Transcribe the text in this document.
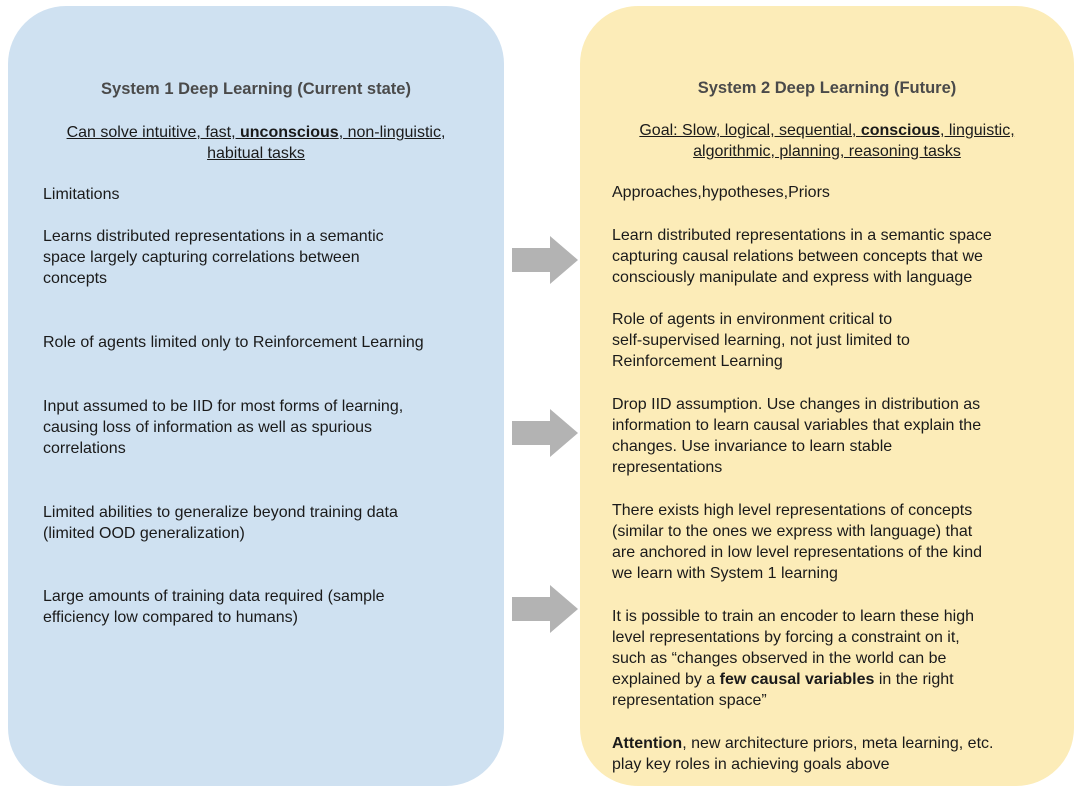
System 1 Deep Learning (Current state)
Can solve intuitive, fast, unconscious, non-linguistic,
habitual tasks
Limitations
Learns distributed representations in a semantic
space largely capturing correlations between
concepts
Role of agents limited only to Reinforcement Learning
Input assumed to be IID for most forms of learning,
causing loss of information as well as spurious
correlations
Limited abilities to generalize beyond training data
(limited OOD generalization)
Large amounts of training data required (sample
efficiency low compared to humans)
System 2 Deep Learning (Future)
Goal: Slow, logical, sequential, conscious, linguistic,
algorithmic, planning, reasoning tasks
Approaches,hypotheses,Priors
Learn distributed representations in a semantic space
capturing causal relations between concepts that we
consciously manipulate and express with language
Role of agents in environment critical to
self-supervised learning, not just limited to
Reinforcement Learning
Drop IID assumption. Use changes in distribution as
information to learn causal variables that explain the
changes. Use invariance to learn stable
representations
There exists high level representations of concepts
(similar to the ones we express with language) that
are anchored in low level representations of the kind
we learn with System 1 learning
It is possible to train an encoder to learn these high
level representations by forcing a constraint on it,
such as “changes observed in the world can be
explained by a few causal variables in the right
representation space”
Attention, new architecture priors, meta learning, etc.
play key roles in achieving goals above
